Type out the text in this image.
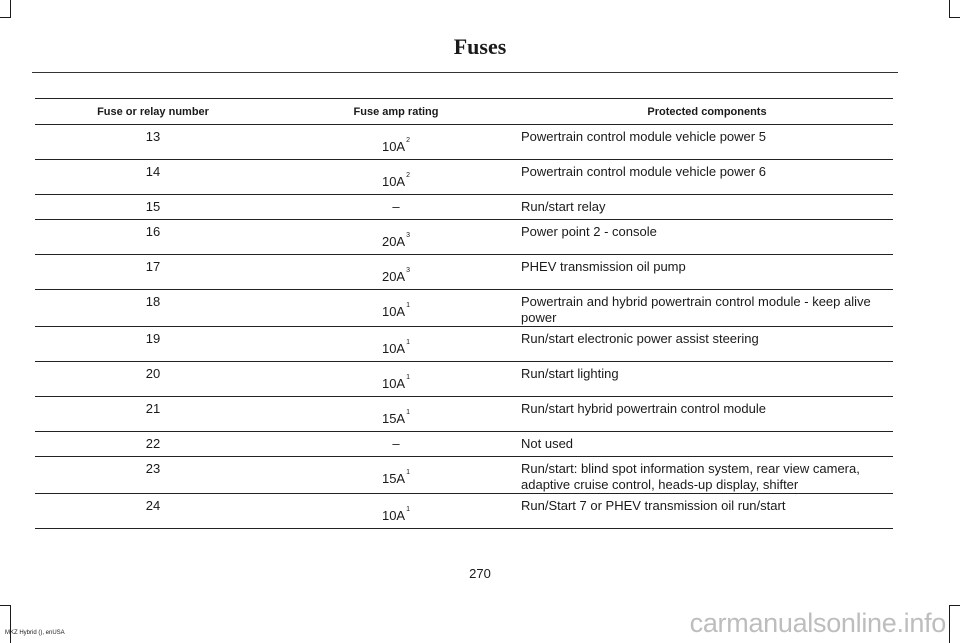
Fuses
Fuse or relay number	Fuse amp rating	Protected components
13	$10A^2$	Powertrain control module vehicle power 5
14	$10A^2$	Powertrain control module vehicle power 6
15	–	Run/start relay
16	$20A^3$	Power point 2 - console
17	$20A^3$	PHEV transmission oil pump
18	$10A^1$	Powertrain and hybrid powertrain control module - keep alive power
19	$10A^1$	Run/start electronic power assist steering
20	$10A^1$	Run/start lighting
21	$15A^1$	Run/start hybrid powertrain control module
22	–	Not used
23	$15A^1$	Run/start: blind spot information system, rear view camera, adaptive cruise control, heads-up display, shifter
24	$10A^1$	Run/Start 7 or PHEV transmission oil run/start
270
MKZ Hybrid (), enUSA	carmanualsonline.info
